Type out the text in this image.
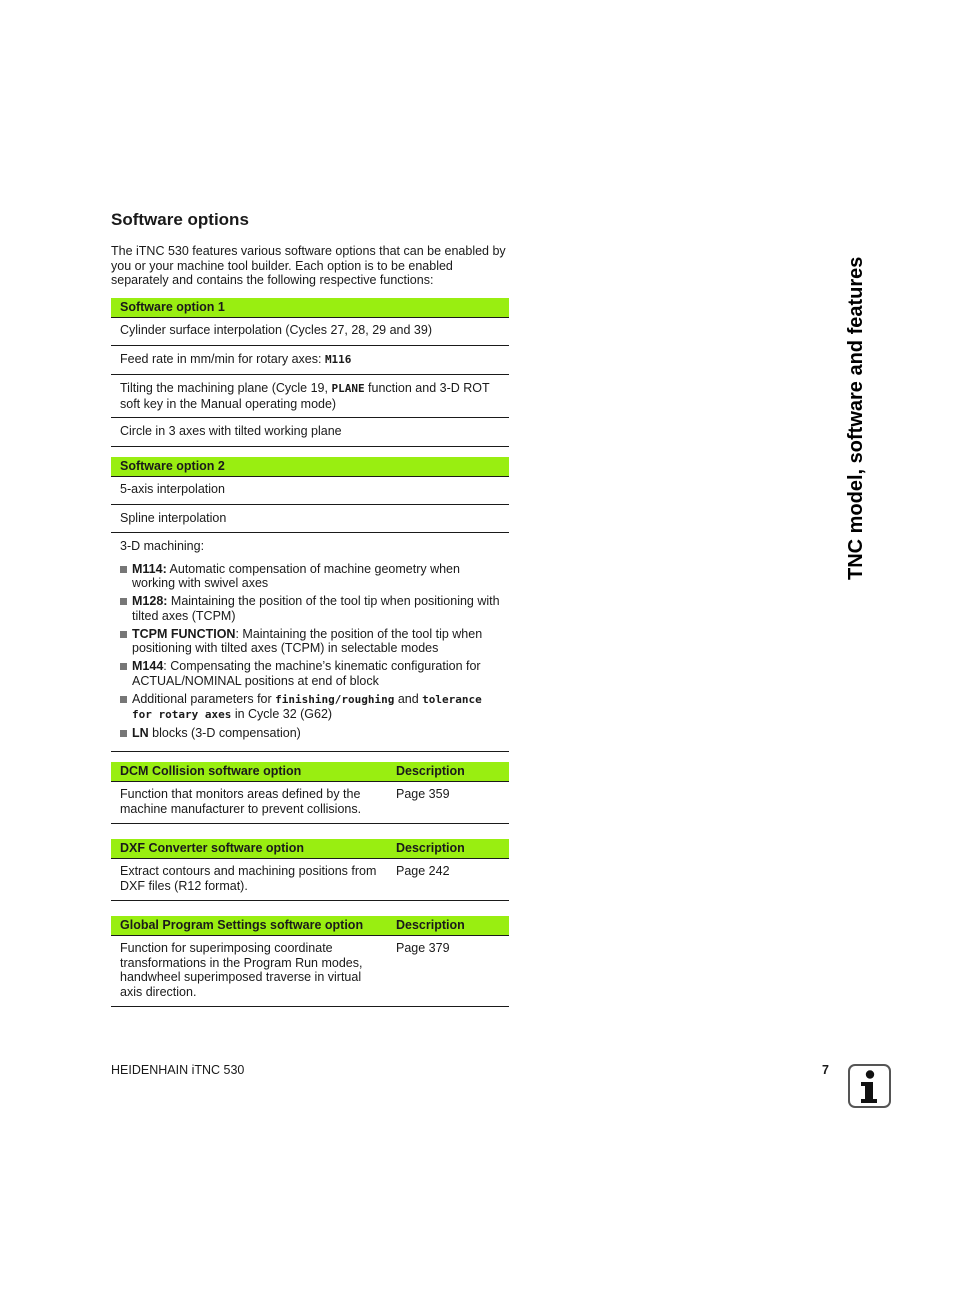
Software options

The iTNC 530 features various software options that can be enabled by you or your machine tool builder. Each option is to be enabled separately and contains the following respective functions:

Software option 1
Cylinder surface interpolation (Cycles 27, 28, 29 and 39)
Feed rate in mm/min for rotary axes: M116
Tilting the machining plane (Cycle 19, PLANE function and 3-D ROT soft key in the Manual operating mode)
Circle in 3 axes with tilted working plane
Software option 2
5-axis interpolation
Spline interpolation

3-D machining:
M114: Automatic compensation of machine geometry when working with swivel axes
M128: Maintaining the position of the tool tip when positioning with tilted axes (TCPM)
TCPM FUNCTION: Maintaining the position of the tool tip when positioning with tilted axes (TCPM) in selectable modes
M144: Compensating the machine’s kinematic configuration for ACTUAL/NOMINAL positions at end of block
Additional parameters for finishing/roughing and tolerance for rotary axes in Cycle 32 (G62)
LN blocks (3-D compensation)
DCM Collision software option	Description
Function that monitors areas defined by the machine manufacturer to prevent collisions.	Page 359
DXF Converter software option	Description
Extract contours and machining positions from DXF files (R12 format).	Page 242
Global Program Settings software option	Description
Function for superimposing coordinate transformations in the Program Run modes, handwheel superimposed traverse in virtual axis direction.	Page 379
TNC model, software and features
HEIDENHAIN iTNC 530	7
